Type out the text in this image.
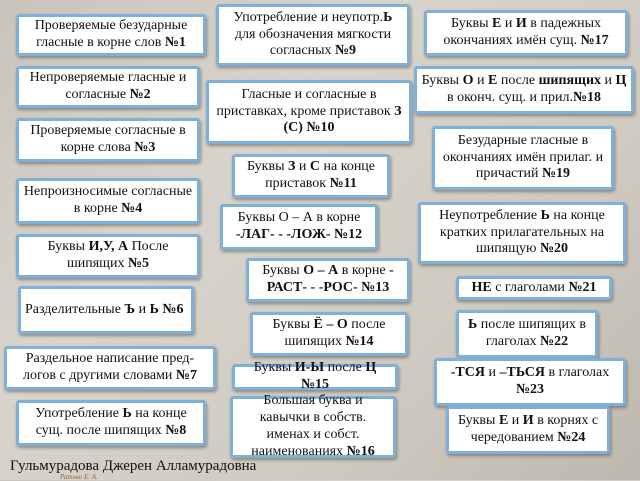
Проверяемые безударные гласные в корне слов №1
Непроверяемые гласные и согласные №2
Проверяемые согласные в корне слова №3
Непроизносимые согласные в корне №4
Буквы И,У, А После шипящих №5
Разделительные Ъ и Ь №6
Раздельное написание пред-логов с другими словами №7
Употребление Ь на конце сущ. после шипящих №8
Употребление и неупотр.Ь для обозначения мягкости согласных №9
Гласные и согласные в приставках, кроме приставок З (С) №10
Буквы З и С на конце приставок №11
Буквы О – А в корне -ЛАГ- - -ЛОЖ- №12
Буквы О – А в корне - РАСТ- - -РОС- №13
Буквы Ё – О после шипящих №14
Буквы И-Ы после Ц №15
Большая буква и кавычки в собств. именах и собст. наименованиях №16
Буквы Е и И в падежных окончаниях имён сущ. №17
Буквы О и Е после шипящих и Ц в оконч. сущ. и прил.№18
Безударные гласные в окончаниях имён прилаг. и причастий №19
Неупотребление Ь на конце кратких прилагательных на шипящую №20
НЕ с глаголами №21
Ь после шипящих в глаголах №22
-ТСЯ и –ТЬСЯ в глаголах №23
Буквы Е и И в корнях с чередованием №24
Гульмурадова Джерен Алламурадовна
Ратько Е. А.
